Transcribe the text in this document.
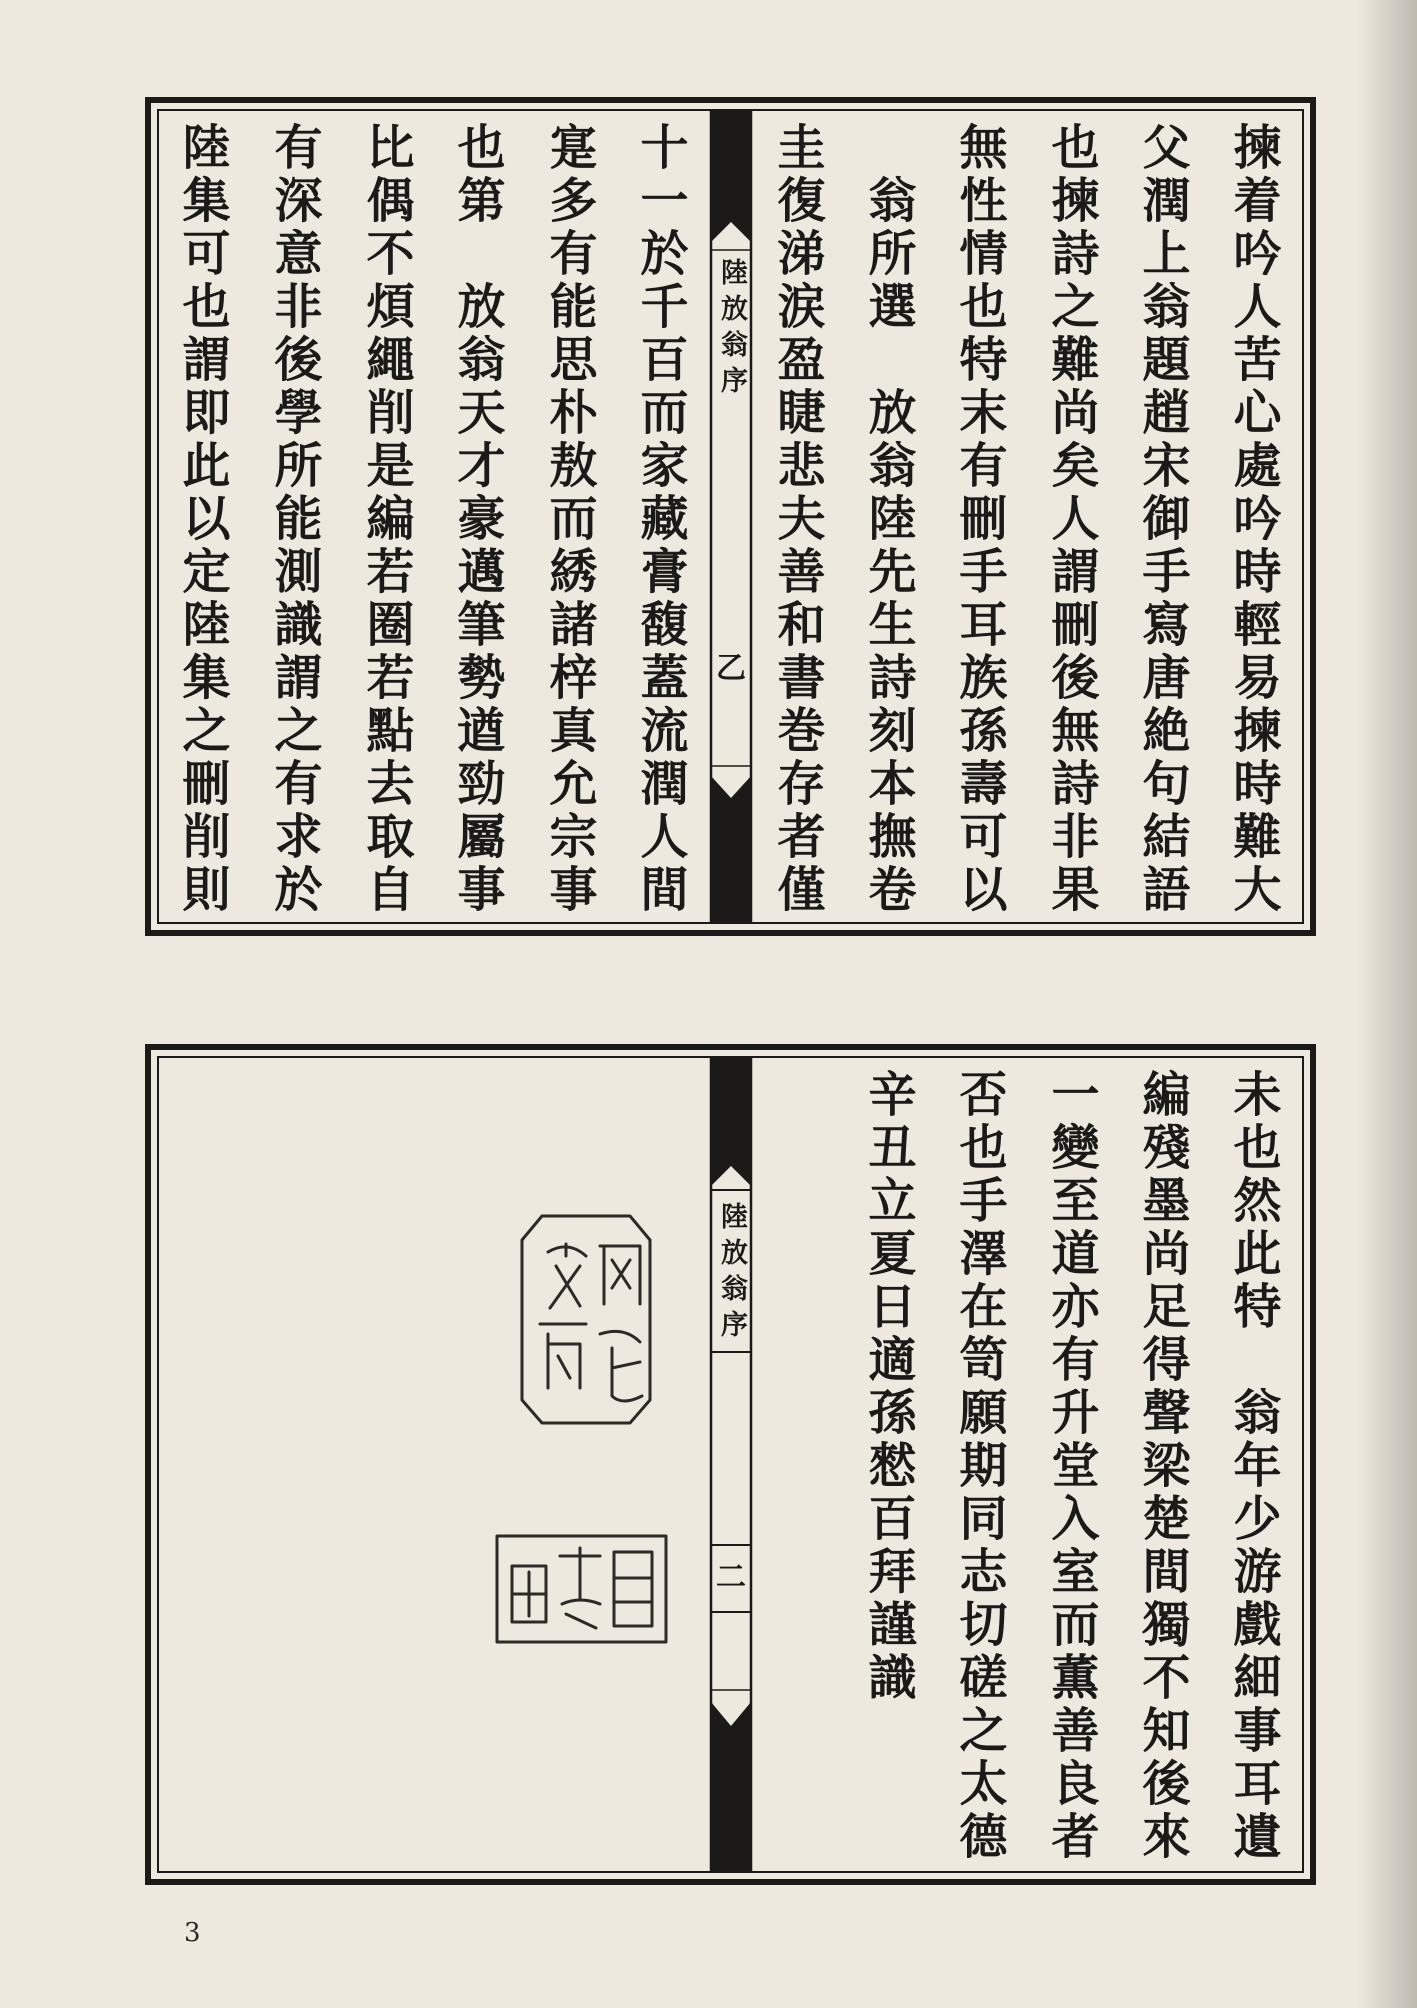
陸放翁序
乙	揀着吟人苦心處吟時輕易揀時難大
父潤上翁題趙宋御手寫唐絶句結語
也揀詩之難尚矣人謂刪後無詩非果
無性情也特末有刪手耳族孫壽可以
　翁所選　放翁陸先生詩刻本撫卷
圭復涕涙盈睫悲夫善和書巻存者僅
十一於千百而家藏膏馥蓋流潤人間
寔多有能思朴敖而綉諸梓真允宗事
也第　放翁天才豪邁筆勢遒勁屬事
比偶不煩繩削是編若圈若點去取自
有深意非後學所能測識謂之有求於
陸集可也謂即此以定陸集之刪削則
陸放翁序
二	未也然此特　翁年少游戲細事耳遺
編殘墨尚足得聲梁楚間獨不知後來
一變至道亦有升堂入室而薫善良者
否也手澤在笥願期同志切磋之太德
辛丑立夏日適孫憖百拜謹識
3
